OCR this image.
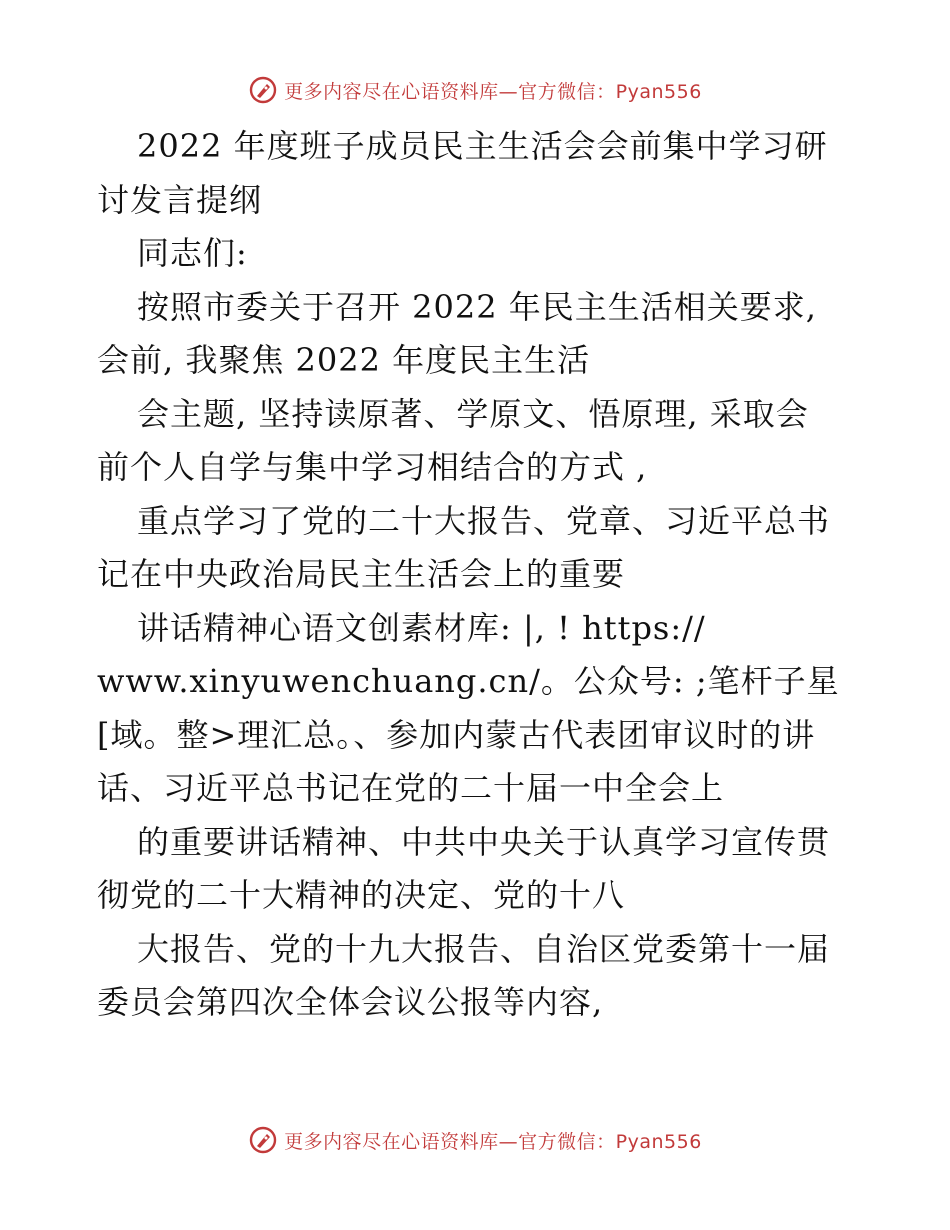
更多内容尽在心语资料库—官方微信：Pyan556
2022 年度班子成员民主生活会会前集中学习研
讨发言提纲
同志们:
按照市委关于召开 2022 年民主生活相关要求,
会前, 我聚焦 2022 年度民主生活
会主题, 坚持读原著、学原文、悟原理, 采取会
前个人自学与集中学习相结合的方式 ,
重点学习了党的二十大报告、党章、习近平总书
记在中央政治局民主生活会上的重要
讲话精神心语文创素材库: |, ! https://
www.xinyuwenchuang.cn/。公众号: ;笔杆子星
[域。整>理汇总。、参加内蒙古代表团审议时的讲
话、习近平总书记在党的二十届一中全会上
的重要讲话精神、中共中央关于认真学习宣传贯
彻党的二十大精神的决定、党的十八
大报告、党的十九大报告、自治区党委第十一届
委员会第四次全体会议公报等内容,
更多内容尽在心语资料库—官方微信：Pyan556
